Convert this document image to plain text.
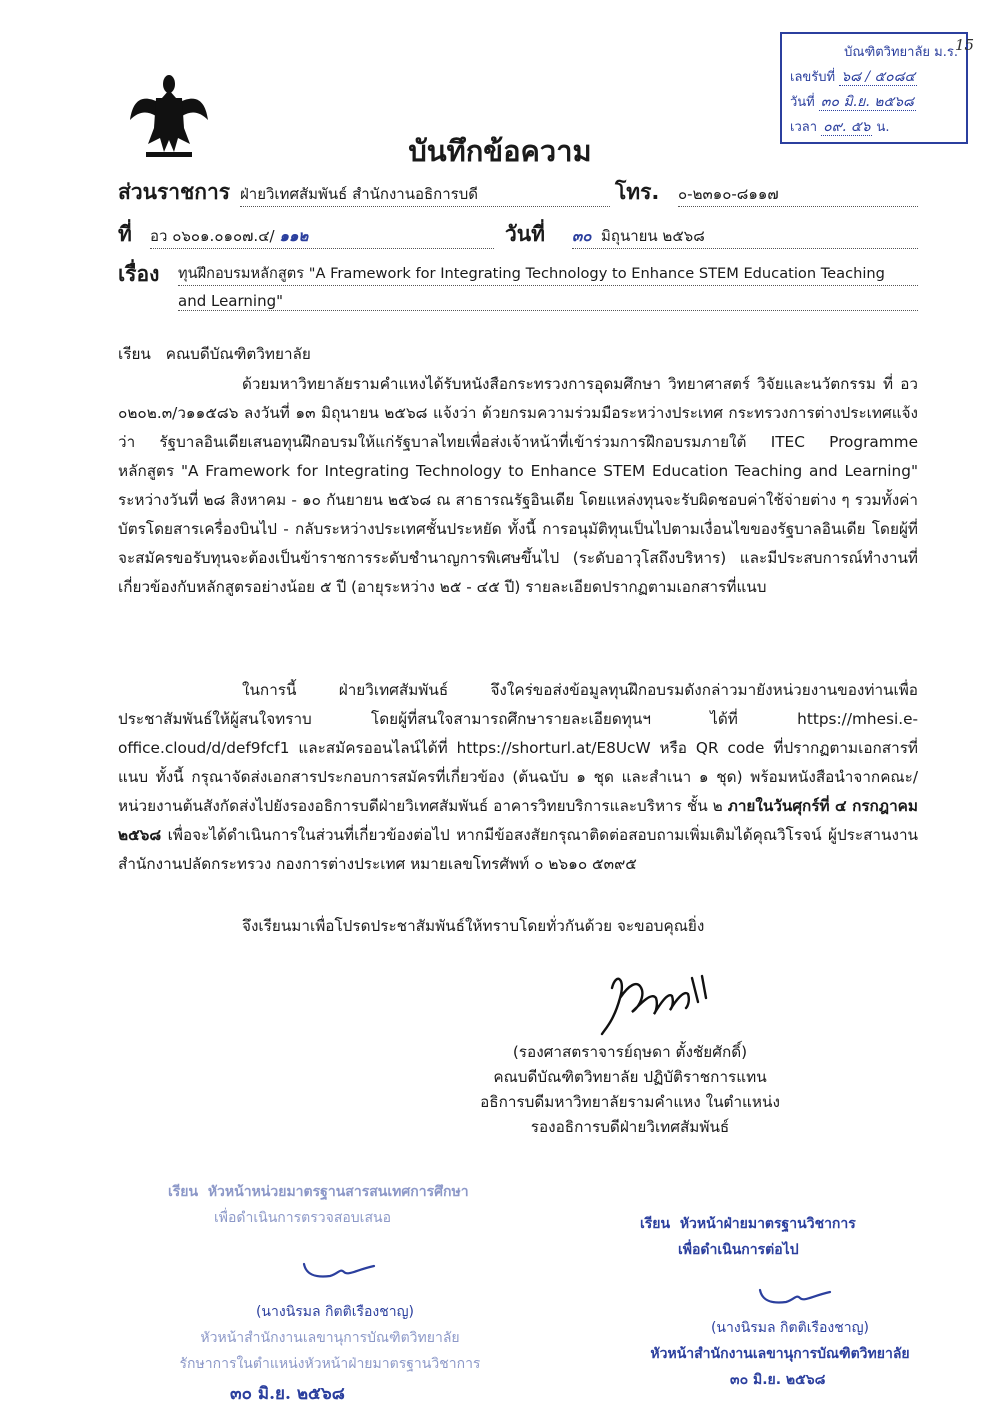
บัณฑิตวิทยาลัย ม.ร.
เลขรับที่ ๖๘ / ๕๐๘๔
วันที่ ๓๐ มิ.ย. ๒๕๖๘
เวลา ๐๙. ๕๖ น.
15
บันทึกข้อความ
ส่วนราชการ ฝ่ายวิเทศสัมพันธ์ สำนักงานอธิการบดี	โทร. ๐-๒๓๑๐-๘๑๑๗
ที่ อว ๐๖๐๑.๐๑๐๗.๔/ ๑๑๒	วันที่ ๓๐ มิถุนายน ๒๕๖๘
เรื่อง ทุนฝึกอบรมหลักสูตร "A Framework for Integrating Technology to Enhance STEM Education Teaching
and Learning"
เรียน คณบดีบัณฑิตวิทยาลัย

ด้วยมหาวิทยาลัยรามคำแหงได้รับหนังสือกระทรวงการอุดมศึกษา วิทยาศาสตร์ วิจัยและนวัตกรรม ที่ อว ๐๒๐๒.๓/ว๑๑๕๘๖ ลงวันที่ ๑๓ มิถุนายน ๒๕๖๘ แจ้งว่า ด้วยกรมความร่วมมือระหว่างประเทศ กระทรวงการต่างประเทศแจ้งว่า รัฐบาลอินเดียเสนอทุนฝึกอบรมให้แก่รัฐบาลไทยเพื่อส่งเจ้าหน้าที่เข้าร่วมการฝึกอบรมภายใต้ ITEC Programme หลักสูตร "A Framework for Integrating Technology to Enhance STEM Education Teaching and Learning" ระหว่างวันที่ ๒๘ สิงหาคม - ๑๐ กันยายน ๒๕๖๘ ณ สาธารณรัฐอินเดีย โดยแหล่งทุนจะรับผิดชอบค่าใช้จ่ายต่าง ๆ รวมทั้งค่าบัตรโดยสารเครื่องบินไป - กลับระหว่างประเทศชั้นประหยัด ทั้งนี้ การอนุมัติทุนเป็นไปตามเงื่อนไขของรัฐบาลอินเดีย โดยผู้ที่จะสมัครขอรับทุนจะต้องเป็นข้าราชการระดับชำนาญการพิเศษขึ้นไป (ระดับอาวุโสถึงบริหาร) และมีประสบการณ์ทำงานที่เกี่ยวข้องกับหลักสูตรอย่างน้อย ๕ ปี (อายุระหว่าง ๒๕ - ๔๕ ปี) รายละเอียดปรากฏตามเอกสารที่แนบ

ในการนี้ ฝ่ายวิเทศสัมพันธ์ จึงใคร่ขอส่งข้อมูลทุนฝึกอบรมดังกล่าวมายังหน่วยงานของท่านเพื่อประชาสัมพันธ์ให้ผู้สนใจทราบ โดยผู้ที่สนใจสามารถศึกษารายละเอียดทุนฯ ได้ที่ https://mhesi.e-office.cloud/d/def9fcf1 และสมัครออนไลน์ได้ที่ https://shorturl.at/E8UcW หรือ QR code ที่ปรากฏตามเอกสารที่แนบ ทั้งนี้ กรุณาจัดส่งเอกสารประกอบการสมัครที่เกี่ยวข้อง (ต้นฉบับ ๑ ชุด และสำเนา ๑ ชุด) พร้อมหนังสือนำจากคณะ/หน่วยงานต้นสังกัดส่งไปยังรองอธิการบดีฝ่ายวิเทศสัมพันธ์ อาคารวิทยบริการและบริหาร ชั้น ๒ ภายในวันศุกร์ที่ ๔ กรกฎาคม ๒๕๖๘ เพื่อจะได้ดำเนินการในส่วนที่เกี่ยวข้องต่อไป หากมีข้อสงสัยกรุณาติดต่อสอบถามเพิ่มเติมได้คุณวิโรจน์ ผู้ประสานงานสำนักงานปลัดกระทรวง กองการต่างประเทศ หมายเลขโทรศัพท์ ๐ ๒๖๑๐ ๕๓๙๕

จึงเรียนมาเพื่อโปรดประชาสัมพันธ์ให้ทราบโดยทั่วกันด้วย จะขอบคุณยิ่ง
(รองศาสตราจารย์ฤษดา ตั้งชัยศักดิ์)
คณบดีบัณฑิตวิทยาลัย ปฏิบัติราชการแทน
อธิการบดีมหาวิทยาลัยรามคำแหง ในตำแหน่ง
รองอธิการบดีฝ่ายวิเทศสัมพันธ์
เรียน หัวหน้าหน่วยมาตรฐานสารสนเทศการศึกษา
เพื่อดำเนินการตรวจสอบเสนอ
(นางนิรมล กิตติเรืองชาญ)
หัวหน้าสำนักงานเลขานุการบัณฑิตวิทยาลัย
รักษาการในตำแหน่งหัวหน้าฝ่ายมาตรฐานวิชาการ
๓๐ มิ.ย. ๒๕๖๘
เรียน หัวหน้าฝ่ายมาตรฐานวิชาการ
เพื่อดำเนินการต่อไป
(นางนิรมล กิตติเรืองชาญ)
หัวหน้าสำนักงานเลขานุการบัณฑิตวิทยาลัย
๓๐ มิ.ย. ๒๕๖๘
